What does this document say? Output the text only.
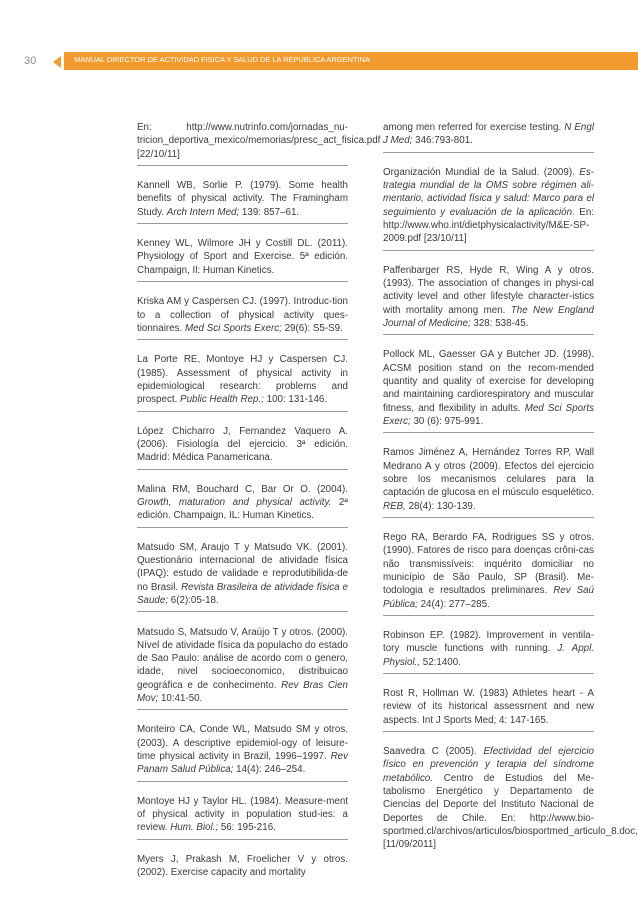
30	MANUAL DIRECTOR DE ACTIVIDAD FISICA Y SALUD DE LA REPUBLICA ARGENTINA

En: http://www.nutrinfo.com/jornadas_nu-tricion_deportiva_mexico/memorias/presc_act_fisica.pdf [22/10/11]

Kannell WB, Sorlie P. (1979). Some health benefits of physical activity. The Framingham Study. Arch Intern Med; 139: 857–61.

Kenney WL, Wilmore JH y Costill DL. (2011). Physiology of Sport and Exercise. 5ª edición. Champaign, Il: Human Kinetics.

Kriska AM y Caspersen CJ. (1997). Introduc-tion to a collection of physical activity ques-tionnaires. Med Sci Sports Exerc; 29(6): S5-S9.

La Porte RE, Montoye HJ y Caspersen CJ. (1985). Assessment of physical activity in epidemiological research: problems and prospect. Public Health Rep.; 100: 131-146.

López Chicharro J, Fernandez Vaquero A. (2006). Fisiología del ejercicio. 3ª edición. Madrid: Médica Panamericana.

Malina RM, Bouchard C, Bar Or O. (2004). Growth, maturation and physical activity. 2ª edición. Champaign, IL: Human Kinetics.

Matsudo SM, Araujo T y Matsudo VK. (2001). Questionário internacional de atividade física (IPAQ): estudo de validade e reprodutibilida-de no Brasil. Revista Brasileira de atividade física e Saude; 6(2):05-18.

Matsudo S, Matsudo V, Araújo T y otros. (2000). Nível de atividade física da populacho do estado de Sao Paulo: análise de acordo com o genero, idade, nivel socioeconomico, distribuicao geográfica e de conhecimento. Rev Bras Cien Mov; 10:41-50.

Monteiro CA, Conde WL, Matsudo SM y otros. (2003). A descriptive epidemiol-ogy of leisure-time physical activity in Brazil, 1996–1997. Rev Panam Salud Pública; 14(4): 246–254.

Montoye HJ y Taylor HL. (1984). Measure-ment of physical activity in population stud-ies: a review. Hum. Biol.; 56: 195-216.

Myers J, Prakash M, Froelicher V y otros. (2002). Exercise capacity and mortality

among men referred for exercise testing. N Engl J Med; 346:793-801.

Organización Mundial de la Salud. (2009). Es-trategia mundial de la OMS sobre régimen ali-mentario, actividad física y salud: Marco para el seguimiento y evaluación de la aplicación. En: http://www.who.int/dietphysicalactivity/M&E-SP-2009.pdf [23/10/11]

Paffenbarger RS, Hyde R, Wing A y otros. (1993). The association of changes in physi-cal activity level and other lifestyle character-istics with mortality among men. The New England Journal of Medicine; 328: 538-45.

Pollock ML, Gaesser GA y Butcher JD. (1998). ACSM position stand on the recom-mended quantity and quality of exercise for developing and maintaining cardiorespiratory and muscular fitness, and flexibility in adults. Med Sci Sports Exerc; 30 (6): 975-991.

Ramos Jiménez A, Hernández Torres RP, Wall Medrano A y otros (2009). Efectos del ejercicio sobre los mecanismos celulares para la captación de glucosa en el músculo esquelético. REB, 28(4): 130-139.

Rego RA, Berardo FA, Rodrigues SS y otros. (1990). Fatores de risco para doenças crôni-cas não transmissíveis: inquérito domiciliar no município de São Paulo, SP (Brasil). Me-todologia e resultados preliminares. Rev Saú Pública; 24(4): 277–285.

Robinson EP. (1982). Improvement in ventila-tory muscle functions with running. J. Appl. Physiol., 52:1400.

Rost R, Hollman W. (1983) Athletes heart - A review of its historical assessrnent and new aspects. Int J Sports Med; 4: 147-165.

Saavedra C (2005). Efectividad del ejercicio físico en prevención y terapia del síndrome metabólico. Centro de Estudios del Me-tabolismo Energético y Departamento de Ciencias del Deporte del Instituto Nacional de Deportes de Chile. En: http://www.bio-sportmed.cl/archivos/articulos/biosportmed_articulo_8.doc, [11/09/2011]
